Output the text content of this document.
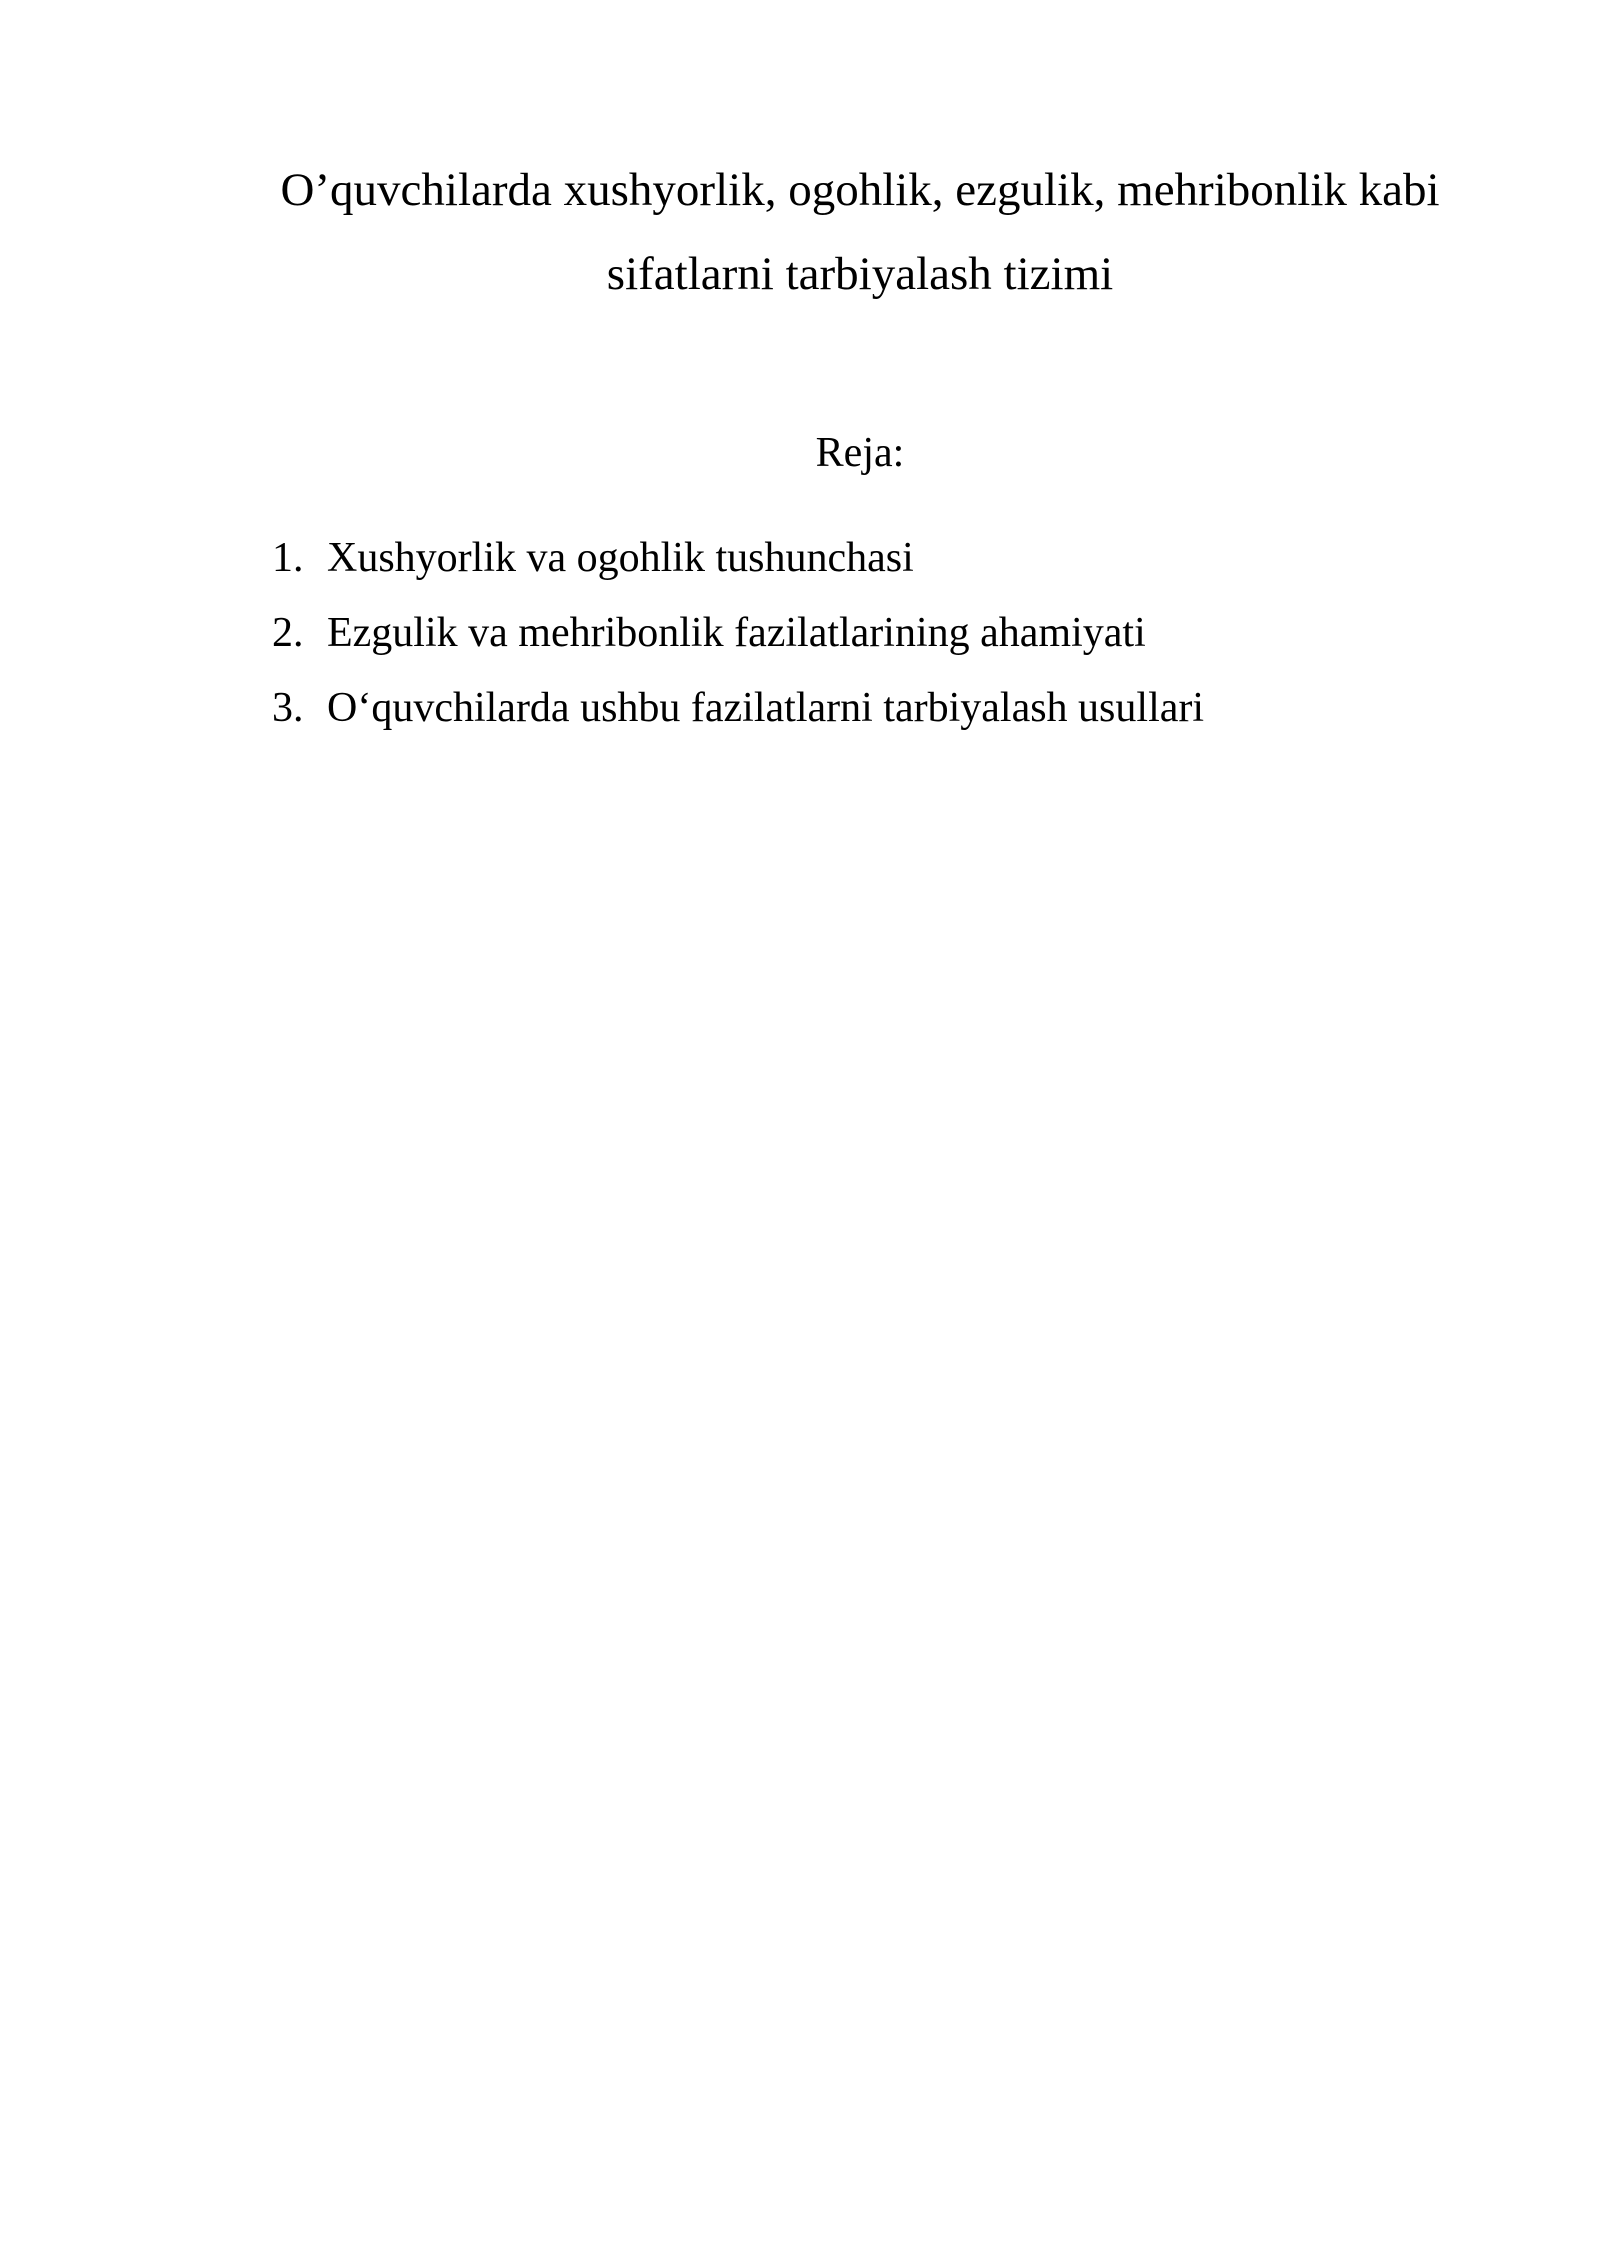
O’quvchilarda xushyorlik, ogohlik, ezgulik, mehribonlik kabi
sifatlarni tarbiyalash tizimi

Reja:

1. Xushyorlik va ogohlik tushunchasi
2. Ezgulik va mehribonlik fazilatlarining ahamiyati
3. O‘quvchilarda ushbu fazilatlarni tarbiyalash usullari
